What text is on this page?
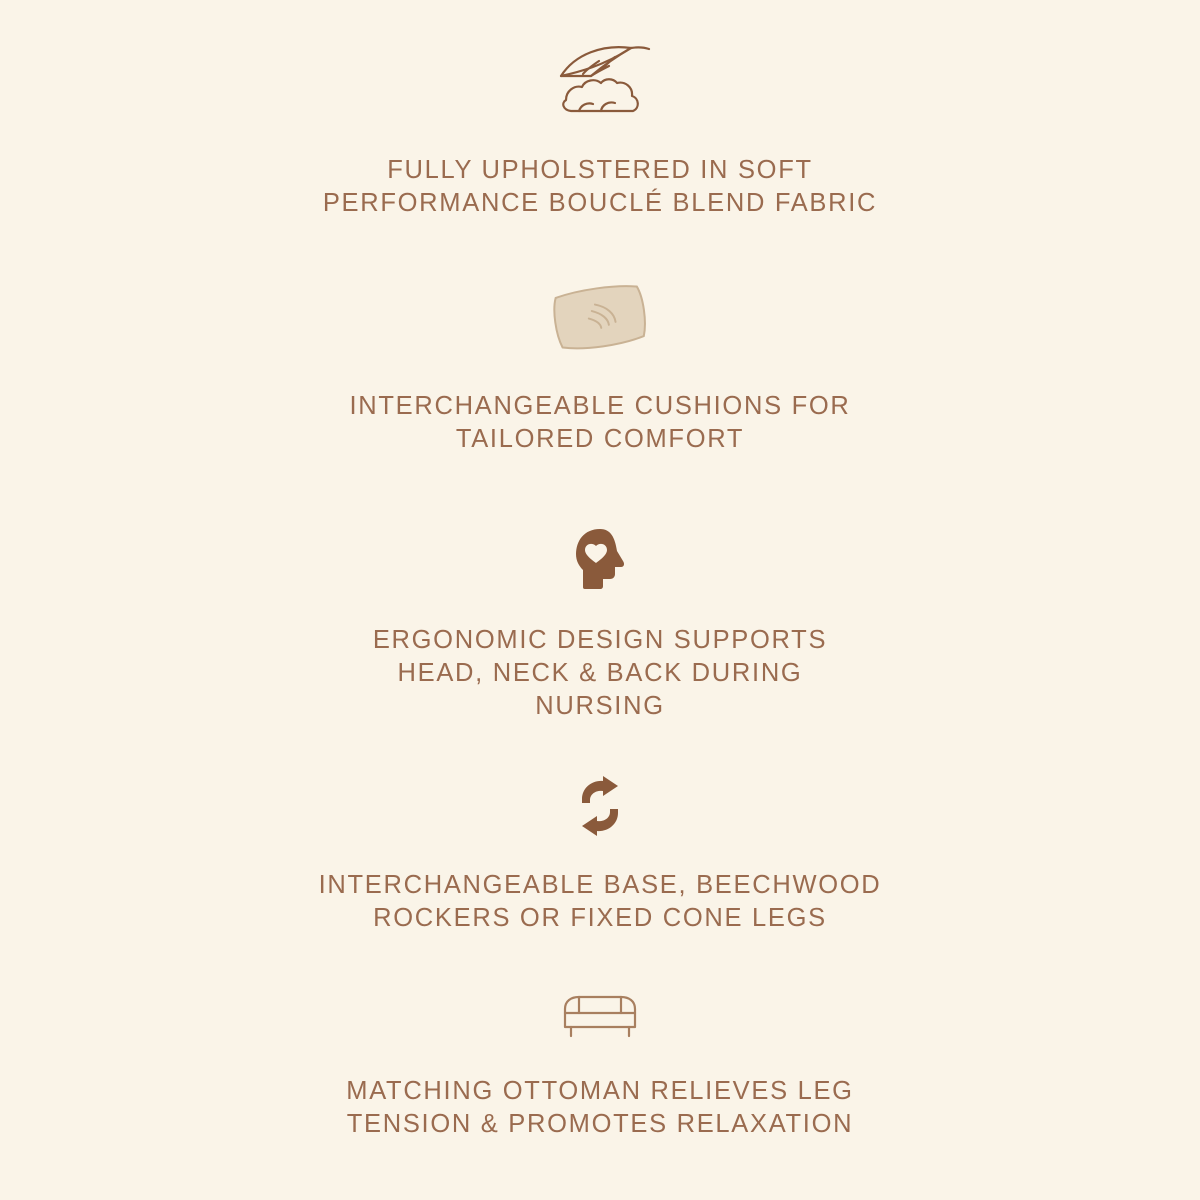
FULLY UPHOLSTERED IN SOFT
PERFORMANCE BOUCLÉ BLEND FABRIC
INTERCHANGEABLE CUSHIONS FOR
TAILORED COMFORT
ERGONOMIC DESIGN SUPPORTS
HEAD, NECK & BACK DURING
NURSING
INTERCHANGEABLE BASE, BEECHWOOD
ROCKERS OR FIXED CONE LEGS
MATCHING OTTOMAN RELIEVES LEG
TENSION & PROMOTES RELAXATION
